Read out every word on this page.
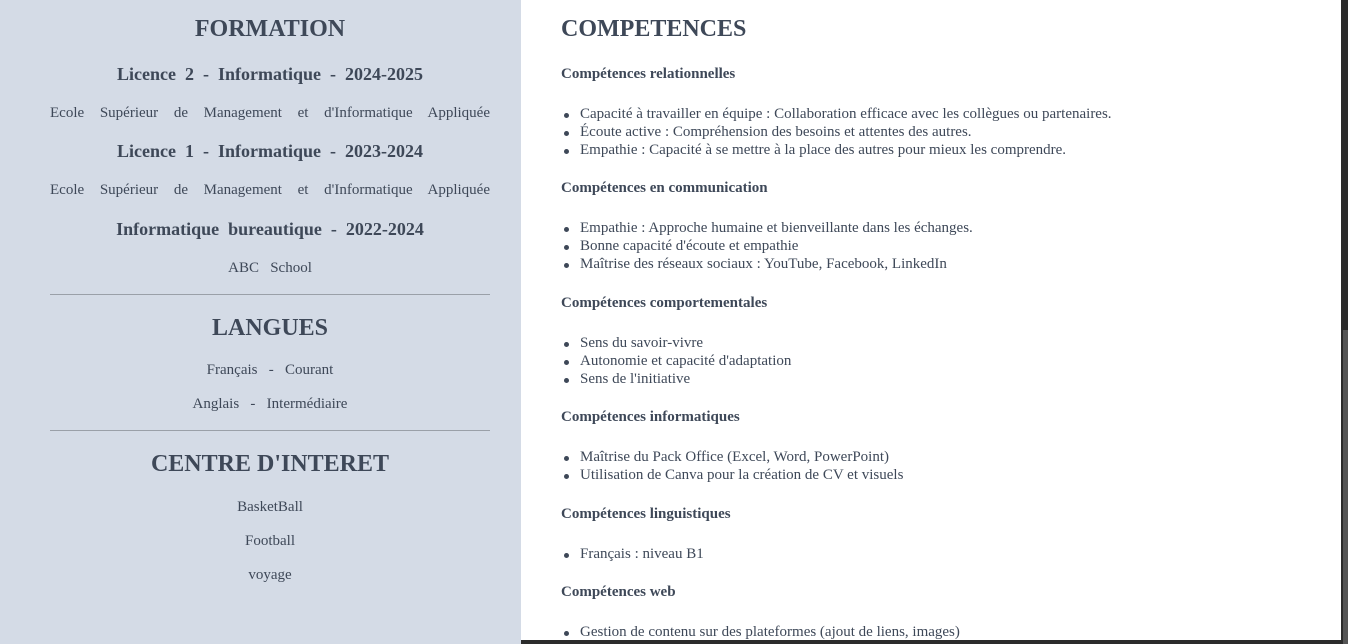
FORMATION
Licence  2  -  Informatique  -  2024-2025
Ecole Supérieur de Management et d'Informatique Appliquée
Licence  1  -  Informatique  -  2023-2024
Ecole Supérieur de Management et d'Informatique Appliquée
Informatique  bureautique  -  2022-2024
ABC   School
LANGUES
Français   -   Courant
Anglais   -   Intermédiaire
CENTRE D'INTERET
BasketBall
Football
voyage
COMPETENCES
Compétences relationnelles
Capacité à travailler en équipe : Collaboration efficace avec les collègues ou partenaires.
Écoute active : Compréhension des besoins et attentes des autres.
Empathie : Capacité à se mettre à la place des autres pour mieux les comprendre.
Compétences en communication
Empathie : Approche humaine et bienveillante dans les échanges.
Bonne capacité d'écoute et empathie
Maîtrise des réseaux sociaux : YouTube, Facebook, LinkedIn
Compétences comportementales
Sens du savoir-vivre
Autonomie et capacité d'adaptation
Sens de l'initiative
Compétences informatiques
Maîtrise du Pack Office (Excel, Word, PowerPoint)
Utilisation de Canva pour la création de CV et visuels
Compétences linguistiques
Français : niveau B1
Compétences web
Gestion de contenu sur des plateformes (ajout de liens, images)
